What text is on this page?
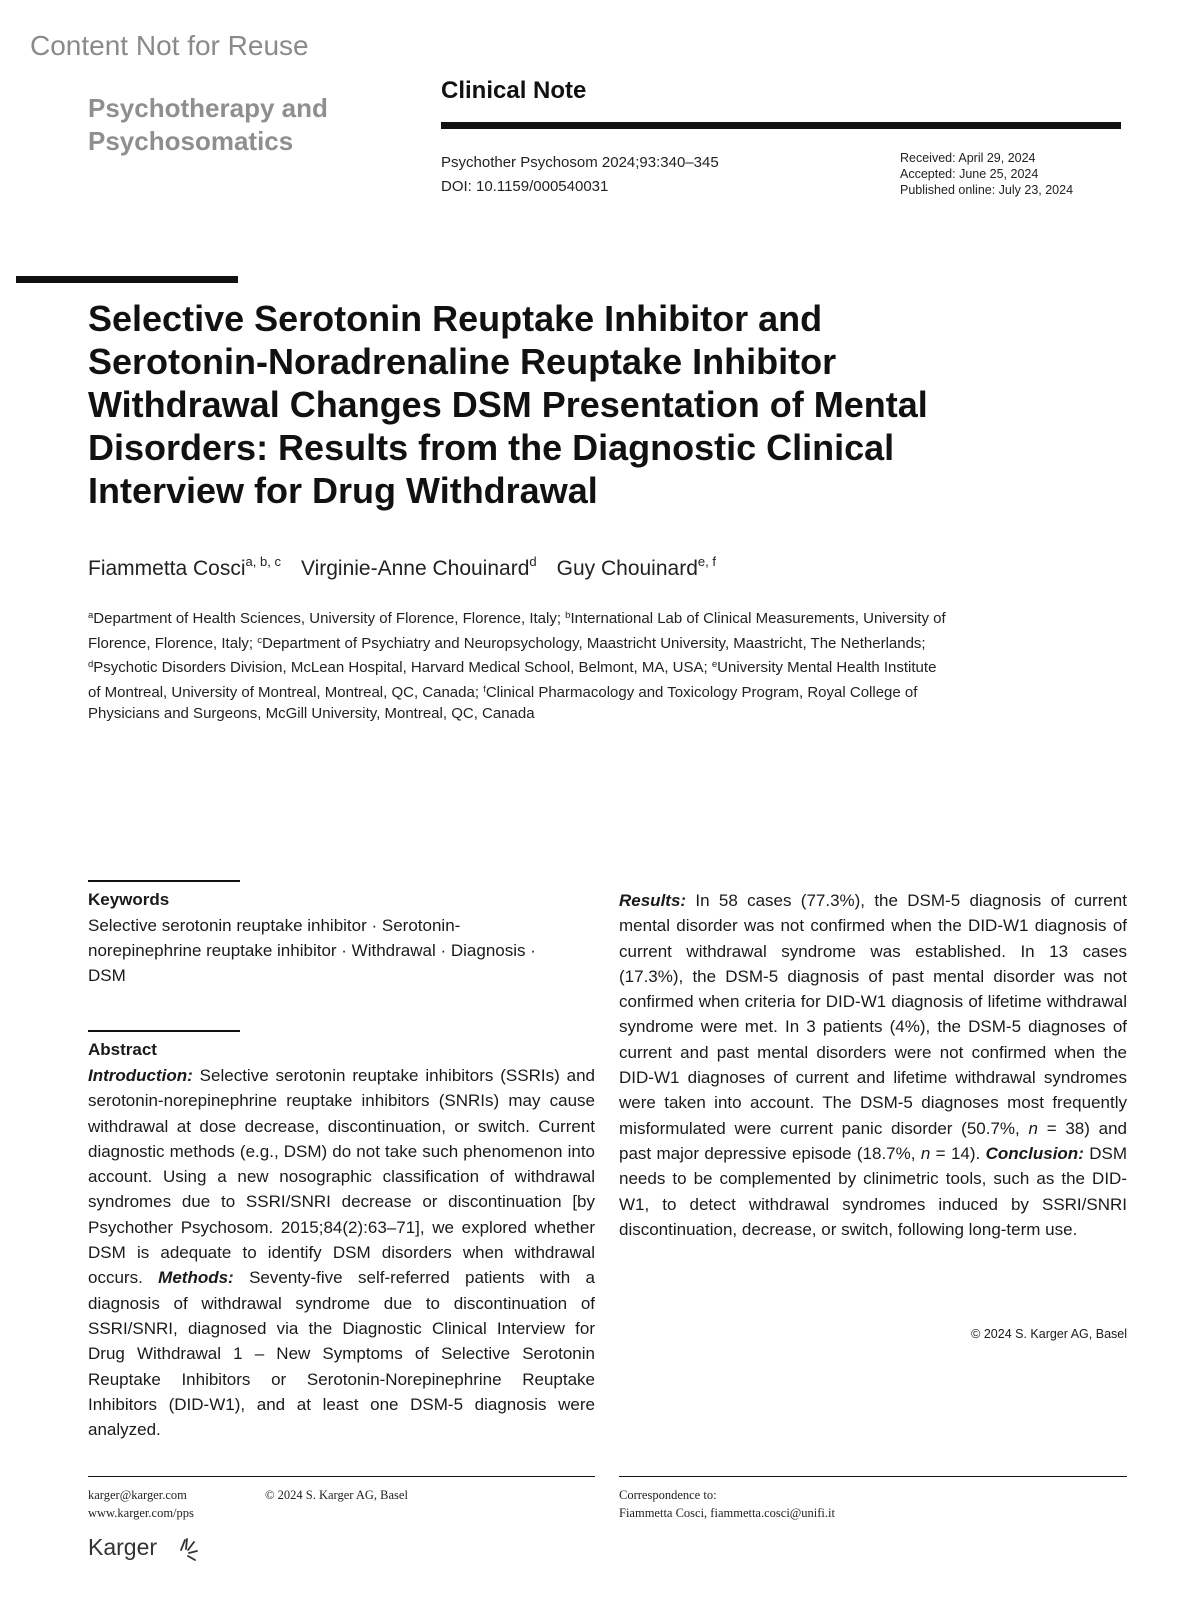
Content Not for Reuse
Psychotherapy and
Psychosomatics
Clinical Note
Psychother Psychosom 2024;93:340–345
DOI: 10.1159/000540031
Received: April 29, 2024
Accepted: June 25, 2024
Published online: July 23, 2024
Selective Serotonin Reuptake Inhibitor and Serotonin-Noradrenaline Reuptake Inhibitor Withdrawal Changes DSM Presentation of Mental Disorders: Results from the Diagnostic Clinical Interview for Drug Withdrawal
Fiammetta Cosci$^{a, b, c}$ Virginie-Anne Chouinard$^d$ Guy Chouinard$^{e, f}$
$^a$Department of Health Sciences, University of Florence, Florence, Italy; $^b$International Lab of Clinical Measurements, University of Florence, Florence, Italy; $^c$Department of Psychiatry and Neuropsychology, Maastricht University, Maastricht, The Netherlands; $^d$Psychotic Disorders Division, McLean Hospital, Harvard Medical School, Belmont, MA, USA; $^e$University Mental Health Institute of Montreal, University of Montreal, Montreal, QC, Canada; $^f$Clinical Pharmacology and Toxicology Program, Royal College of Physicians and Surgeons, McGill University, Montreal, QC, Canada
Keywords
Selective serotonin reuptake inhibitor · Serotonin-norepinephrine reuptake inhibitor · Withdrawal · Diagnosis · DSM
Abstract
Introduction: Selective serotonin reuptake inhibitors (SSRIs) and serotonin-norepinephrine reuptake inhibitors (SNRIs) may cause withdrawal at dose decrease, discontinuation, or switch. Current diagnostic methods (e.g., DSM) do not take such phenomenon into account. Using a new nosographic classification of withdrawal syndromes due to SSRI/SNRI decrease or discontinuation [by Psychother Psychosom. 2015;84(2):63–71], we explored whether DSM is adequate to identify DSM disorders when withdrawal occurs. Methods: Seventy-five self-referred patients with a diagnosis of withdrawal syndrome due to discontinuation of SSRI/SNRI, diagnosed via the Diagnostic Clinical Interview for Drug Withdrawal 1 – New Symptoms of Selective Serotonin Reuptake Inhibitors or Serotonin-Norepinephrine Reuptake Inhibitors (DID-W1), and at least one DSM-5 diagnosis were analyzed.
Results: In 58 cases (77.3%), the DSM-5 diagnosis of current mental disorder was not confirmed when the DID-W1 diagnosis of current withdrawal syndrome was established. In 13 cases (17.3%), the DSM-5 diagnosis of past mental disorder was not confirmed when criteria for DID-W1 diagnosis of lifetime withdrawal syndrome were met. In 3 patients (4%), the DSM-5 diagnoses of current and past mental disorders were not confirmed when the DID-W1 diagnoses of current and lifetime withdrawal syndromes were taken into account. The DSM-5 diagnoses most frequently misformulated were current panic disorder (50.7%, n = 38) and past major depressive episode (18.7%, n = 14). Conclusion: DSM needs to be complemented by clinimetric tools, such as the DID-W1, to detect withdrawal syndromes induced by SSRI/SNRI discontinuation, decrease, or switch, following long-term use.
© 2024 S. Karger AG, Basel
karger@karger.com
www.karger.com/pps
© 2024 S. Karger AG, Basel	Correspondence to:
Fiammetta Cosci, fiammetta.cosci@unifi.it
Karger
